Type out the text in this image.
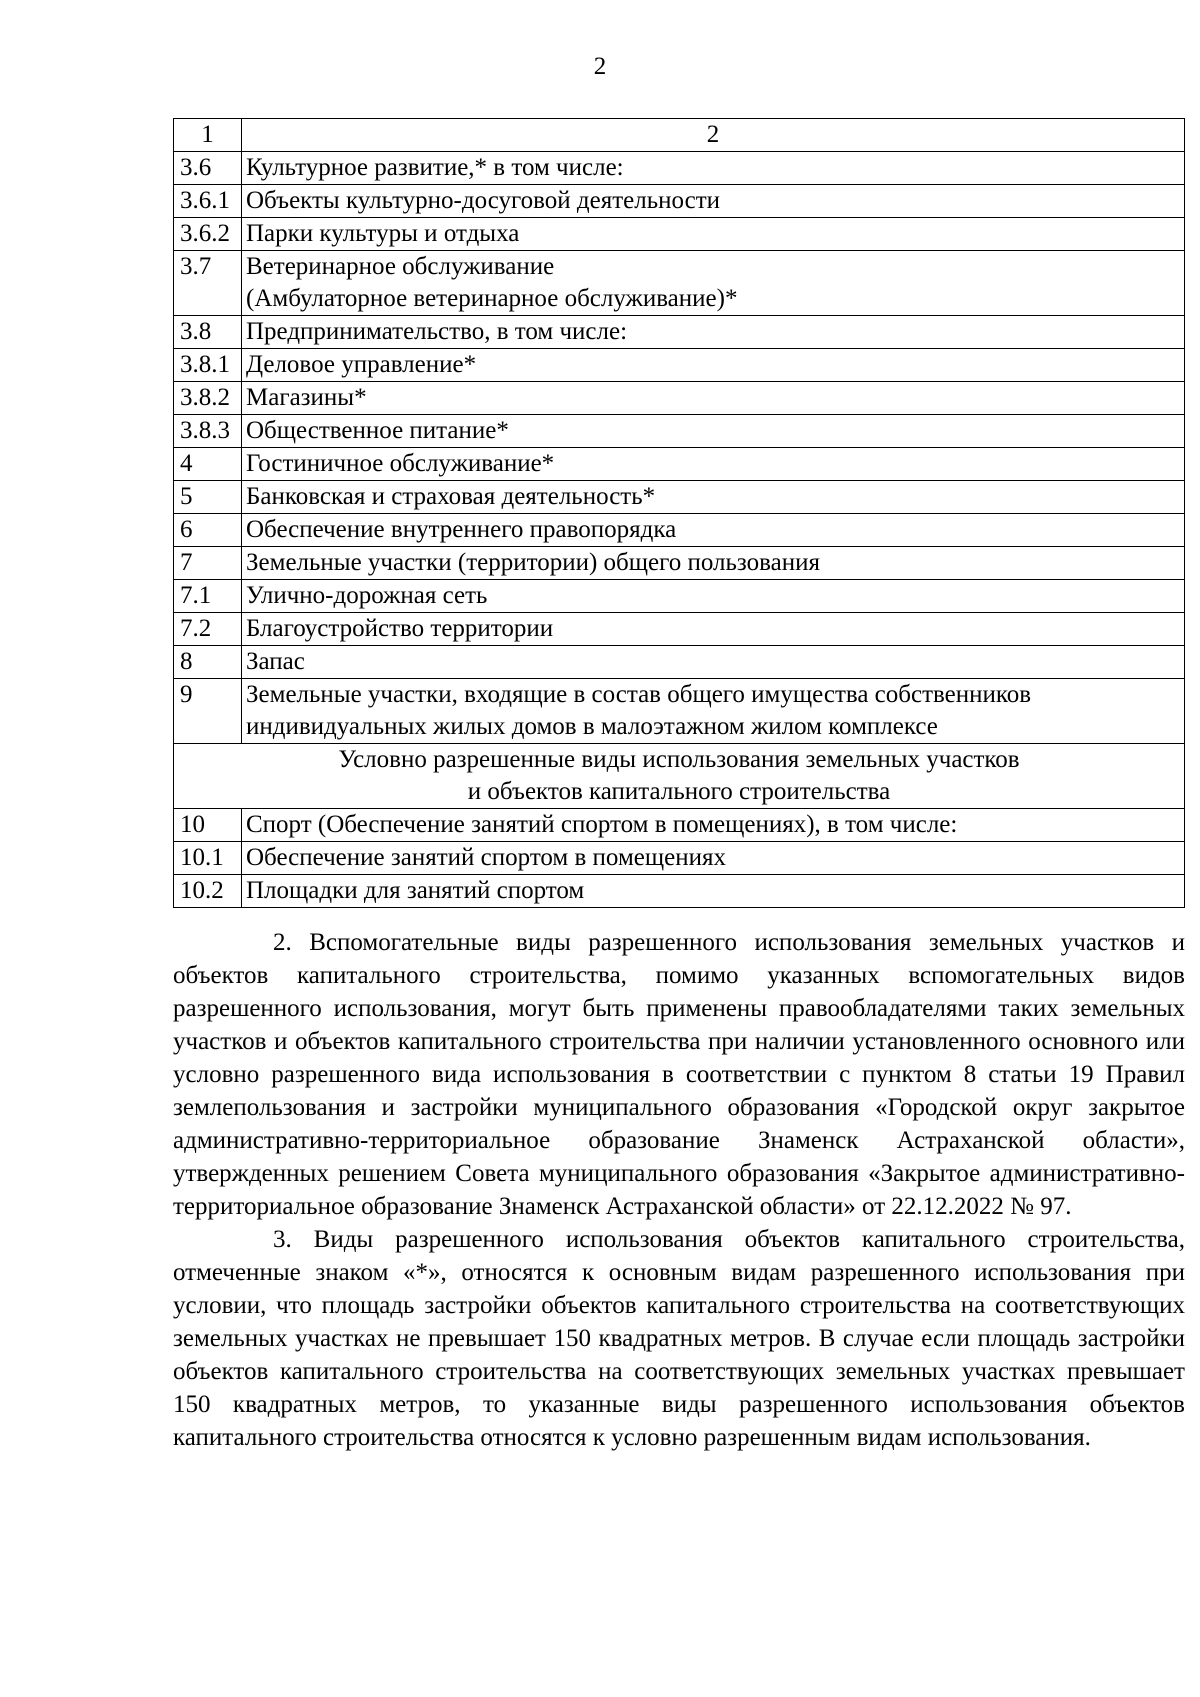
2
1	2
3.6	Культурное развитие,* в том числе:
3.6.1	Объекты культурно-досуговой деятельности
3.6.2	Парки культуры и отдыха
3.7	Ветеринарное обслуживание
(Амбулаторное ветеринарное обслуживание)*

3.8	Предпринимательство, в том числе:
3.8.1	Деловое управление*
3.8.2	Магазины*
3.8.3	Общественное питание*
4	Гостиничное обслуживание*
5	Банковская и страховая деятельность*
6	Обеспечение внутреннего правопорядка
7	Земельные участки (территории) общего пользования
7.1	Улично-дорожная сеть
7.2	Благоустройство территории
8	Запас
9	Земельные участки, входящие в состав общего имущества собственников
индивидуальных жилых домов в малоэтажном жилом комплексе

Условно разрешенные виды использования земельных участков
и объектов капитального строительства	

10	Спорт (Обеспечение занятий спортом в помещениях), в том числе:
10.1	Обеспечение занятий спортом в помещениях
10.2	Площадки для занятий спортом

2. Вспомогательные виды разрешенного использования земельных участков и объектов капитального строительства, помимо указанных вспомогательных видов разрешенного использования, могут быть применены правообладателями таких земельных участков и объектов капитального строительства при наличии установленного основного или условно разрешенного вида использования в соответствии с пунктом 8 статьи 19 Правил землепользования и застройки муниципального образования «Городской округ закрытое административно-территориальное образование Знаменск Астраханской области», утвержденных решением Совета муниципального образования «Закрытое административно-территориальное образование Знаменск Астраханской области» от 22.12.2022 № 97.

3. Виды разрешенного использования объектов капитального строительства, отмеченные знаком «*», относятся к основным видам разрешенного использования при условии, что площадь застройки объектов капитального строительства на соответствующих земельных участках не превышает 150 квадратных метров. В случае если площадь застройки объектов капитального строительства на соответствующих земельных участках превышает 150 квадратных метров, то указанные виды разрешенного использования объектов капитального строительства относятся к условно разрешенным видам использования.
